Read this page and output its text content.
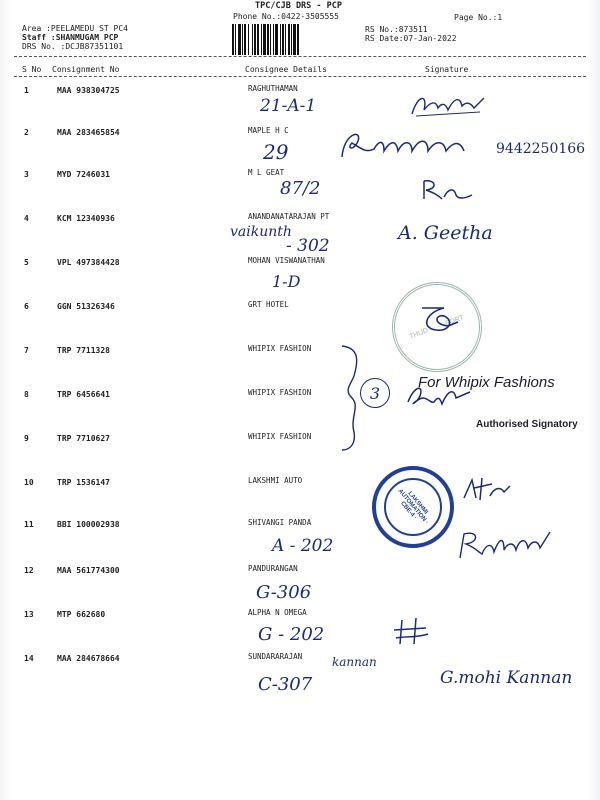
TPC/CJB DRS - PCP
Phone No.:0422-3505555
Area :PEELAMEDU ST PC4
Staff :SHANMUGAM PCP
DRS No. :DCJB87351101
Page No.:1
RS No.:873511
RS Date:07-Jan-2022
S No Consignment No	Consignee Details	Signature
1	MAA 938304725	RAGHUTHAMAN
2	MAA 283465854	MAPLE H C
3	MYD 7246031	M L GEAT
4	KCM 12340936	ANANDANATARAJAN PT
5	VPL 497384428	MOHAN VISWANATHAN
6	GGN 51326346	GRT HOTEL
7	TRP 7711328	WHIPIX FASHION
8	TRP 6456641	WHIPIX FASHION
9	TRP 7710627	WHIPIX FASHION
10	TRP 1536147	LAKSHMI AUTO
11	BBI 100002938	SHIVANGI PANDA
12	MAA 561774300	PANDURANGAN
13	MTP 662680	ALPHA N OMEGA
14	MAA 284678664	SUNDARARAJAN
21-A-1
29	9442250166
87/2
vaikunth
- 302
A. Geetha
1-D
THUD · · · · FORT
3
For Whipix Fashions
Authorised Signatory
LAKSHMI AUTOMATION · CBE-4 ·
A - 202
G-306
G - 202
kannan
C-307	G.mohi Kannan
